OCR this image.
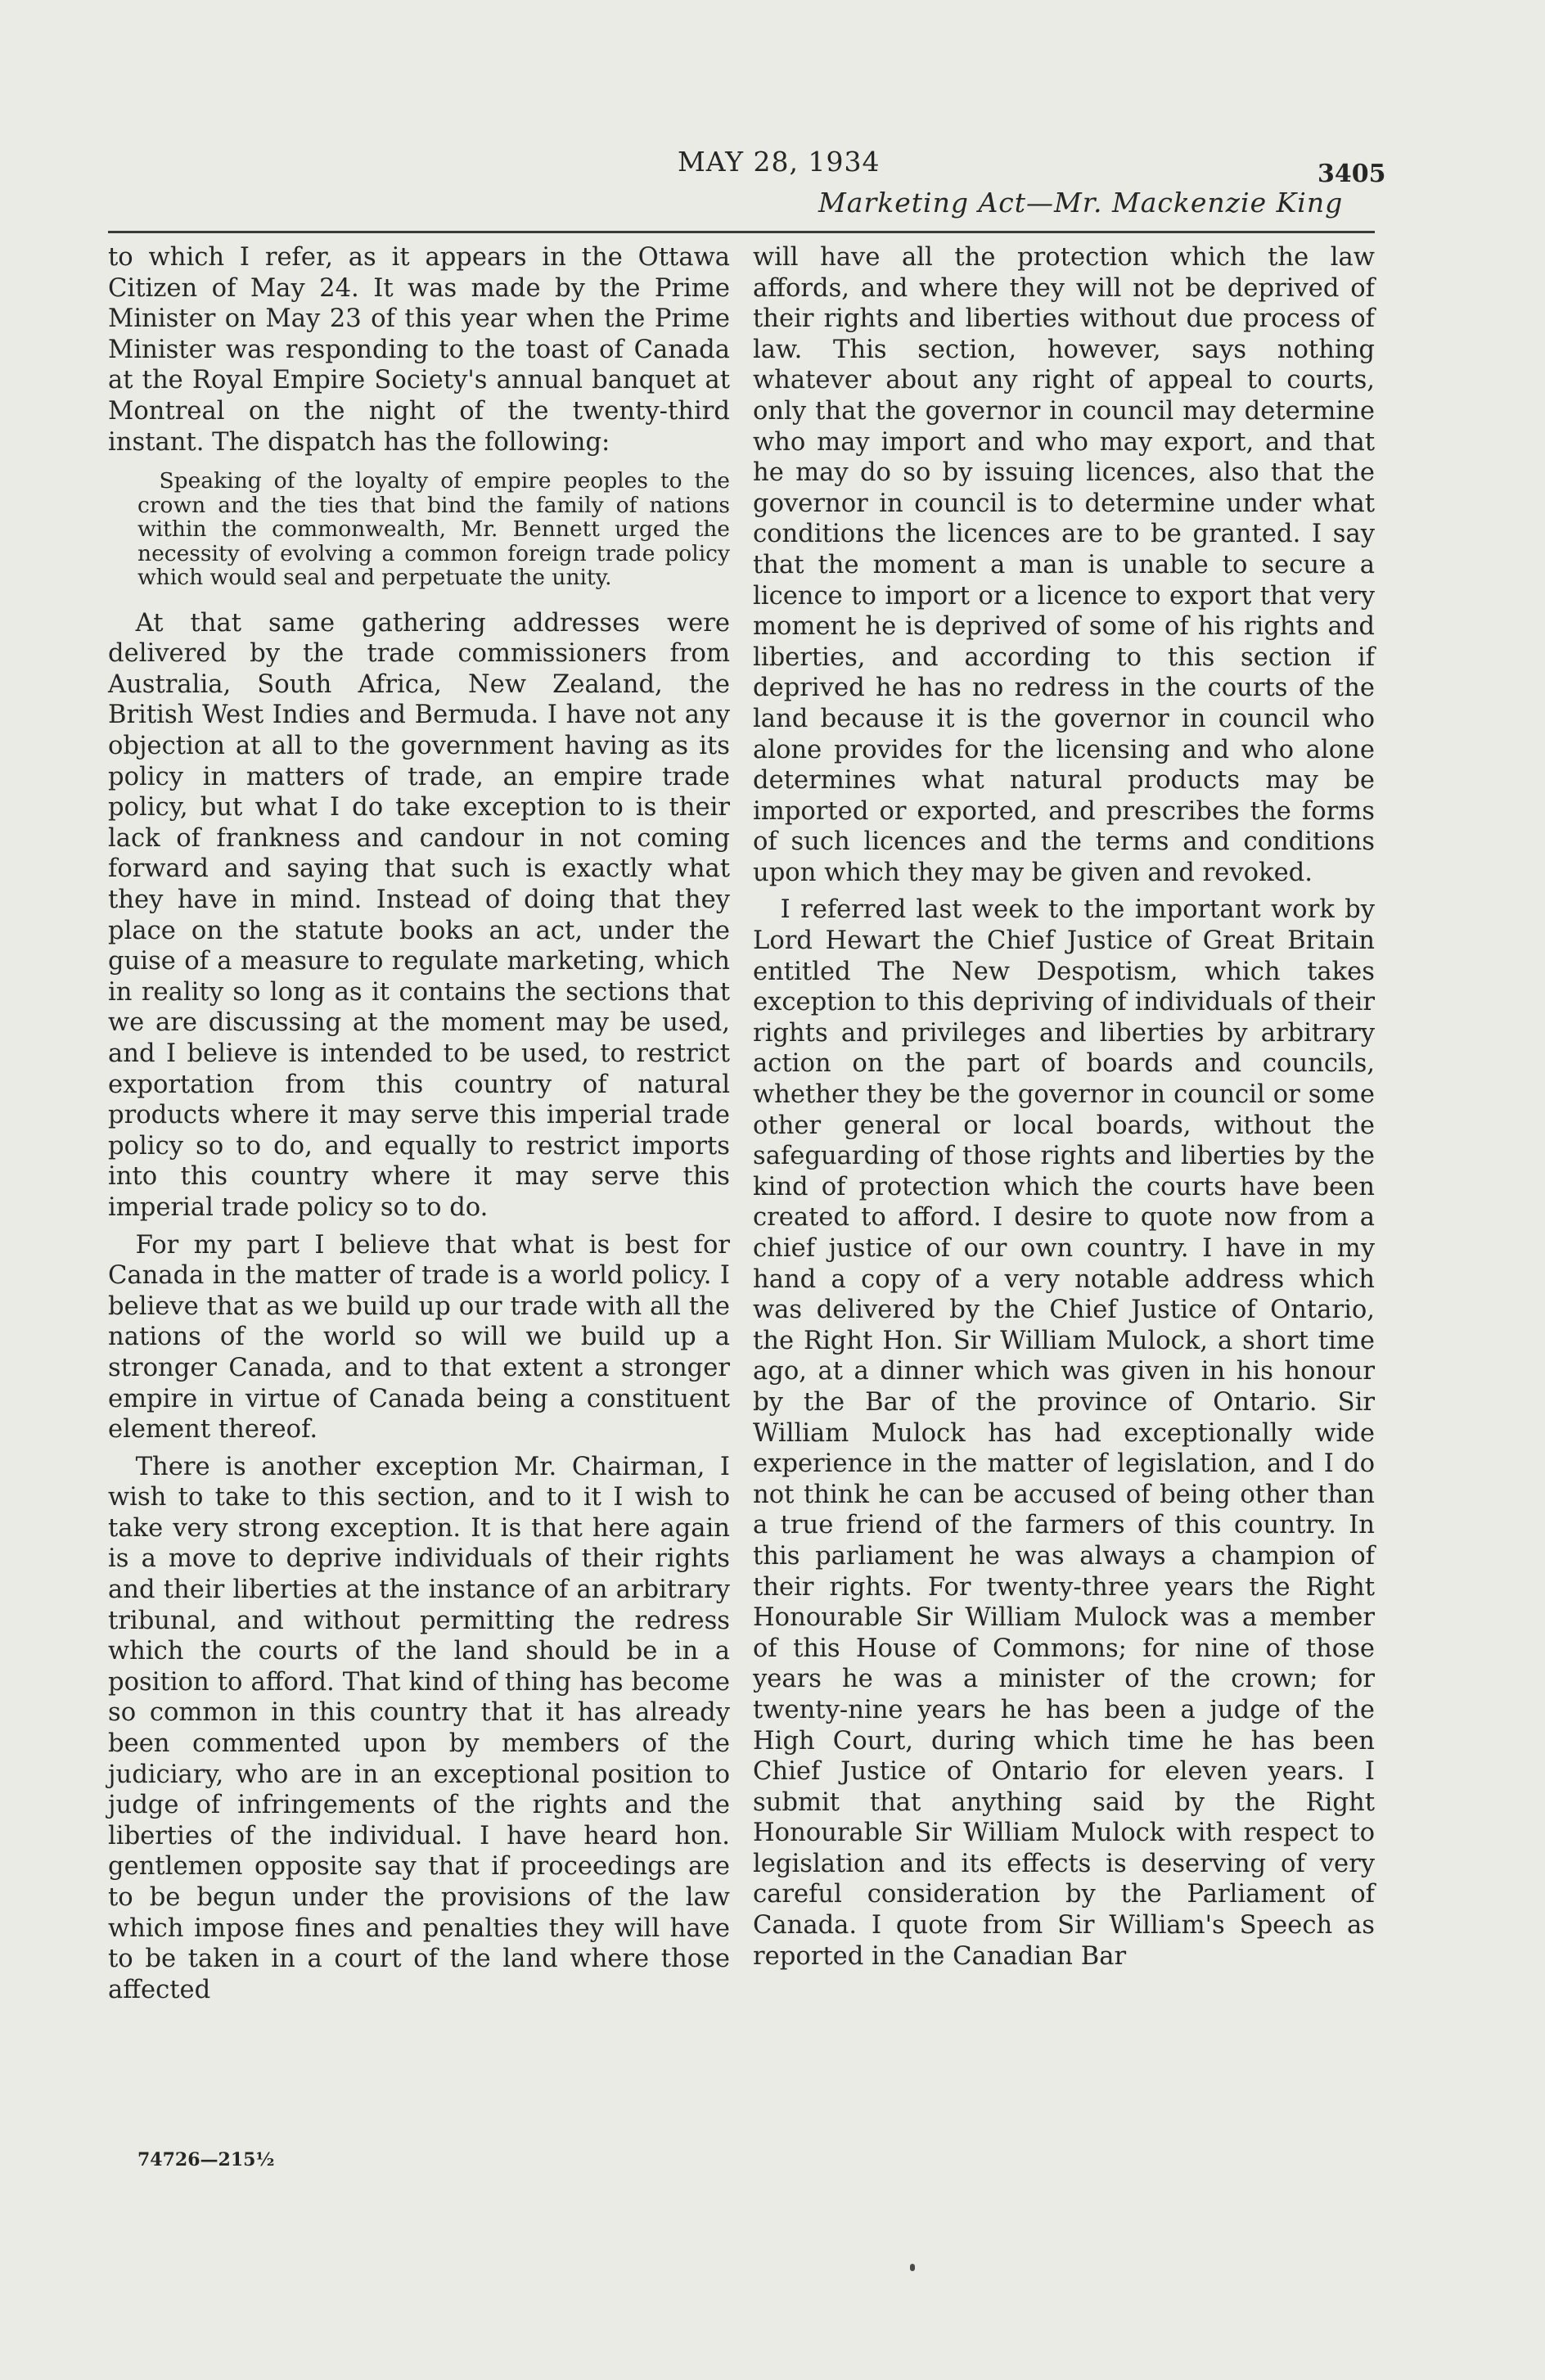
MAY 28, 1934	3405
Marketing Act—Mr. Mackenzie King

to which I refer, as it appears in the Ottawa Citizen of May 24. It was made by the Prime Minister on May 23 of this year when the Prime Minister was responding to the toast of Canada at the Royal Empire Society's annual banquet at Montreal on the night of the twenty-third instant. The dispatch has the following:

Speaking of the loyalty of empire peoples to the crown and the ties that bind the family of nations within the commonwealth, Mr. Bennett urged the necessity of evolving a common foreign trade policy which would seal and perpetuate the unity.

At that same gathering addresses were delivered by the trade commissioners from Australia, South Africa, New Zealand, the British West Indies and Bermuda. I have not any objection at all to the government having as its policy in matters of trade, an empire trade policy, but what I do take exception to is their lack of frankness and candour in not coming forward and saying that such is exactly what they have in mind. Instead of doing that they place on the statute books an act, under the guise of a measure to regulate marketing, which in reality so long as it contains the sections that we are discussing at the moment may be used, and I believe is intended to be used, to restrict exportation from this country of natural products where it may serve this imperial trade policy so to do, and equally to restrict imports into this country where it may serve this imperial trade policy so to do.

For my part I believe that what is best for Canada in the matter of trade is a world policy. I believe that as we build up our trade with all the nations of the world so will we build up a stronger Canada, and to that extent a stronger empire in virtue of Canada being a constituent element thereof.

There is another exception Mr. Chairman, I wish to take to this section, and to it I wish to take very strong exception. It is that here again is a move to deprive individuals of their rights and their liberties at the instance of an arbitrary tribunal, and without permitting the redress which the courts of the land should be in a position to afford. That kind of thing has become so common in this country that it has already been commented upon by members of the judiciary, who are in an exceptional position to judge of infringements of the rights and the liberties of the individual. I have heard hon. gentlemen opposite say that if proceedings are to be begun under the provisions of the law which impose fines and penalties they will have to be taken in a court of the land where those affected

will have all the protection which the law affords, and where they will not be deprived of their rights and liberties without due process of law. This section, however, says nothing whatever about any right of appeal to courts, only that the governor in council may determine who may import and who may export, and that he may do so by issuing licences, also that the governor in council is to determine under what conditions the licences are to be granted. I say that the moment a man is unable to secure a licence to import or a licence to export that very moment he is deprived of some of his rights and liberties, and according to this section if deprived he has no redress in the courts of the land because it is the governor in council who alone provides for the licensing and who alone determines what natural products may be imported or exported, and prescribes the forms of such licences and the terms and conditions upon which they may be given and revoked.

I referred last week to the important work by Lord Hewart the Chief Justice of Great Britain entitled The New Despotism, which takes exception to this depriving of individuals of their rights and privileges and liberties by arbitrary action on the part of boards and councils, whether they be the governor in council or some other general or local boards, without the safeguarding of those rights and liberties by the kind of protection which the courts have been created to afford. I desire to quote now from a chief justice of our own country. I have in my hand a copy of a very notable address which was delivered by the Chief Justice of Ontario, the Right Hon. Sir William Mulock, a short time ago, at a dinner which was given in his honour by the Bar of the province of Ontario. Sir William Mulock has had exceptionally wide experience in the matter of legislation, and I do not think he can be accused of being other than a true friend of the farmers of this country. In this parliament he was always a champion of their rights. For twenty-three years the Right Honourable Sir William Mulock was a member of this House of Commons; for nine of those years he was a minister of the crown; for twenty-nine years he has been a judge of the High Court, during which time he has been Chief Justice of Ontario for eleven years. I submit that anything said by the Right Honourable Sir William Mulock with respect to legislation and its effects is deserving of very careful consideration by the Parliament of Canada. I quote from Sir William's Speech as reported in the Canadian Bar

74726—215½
